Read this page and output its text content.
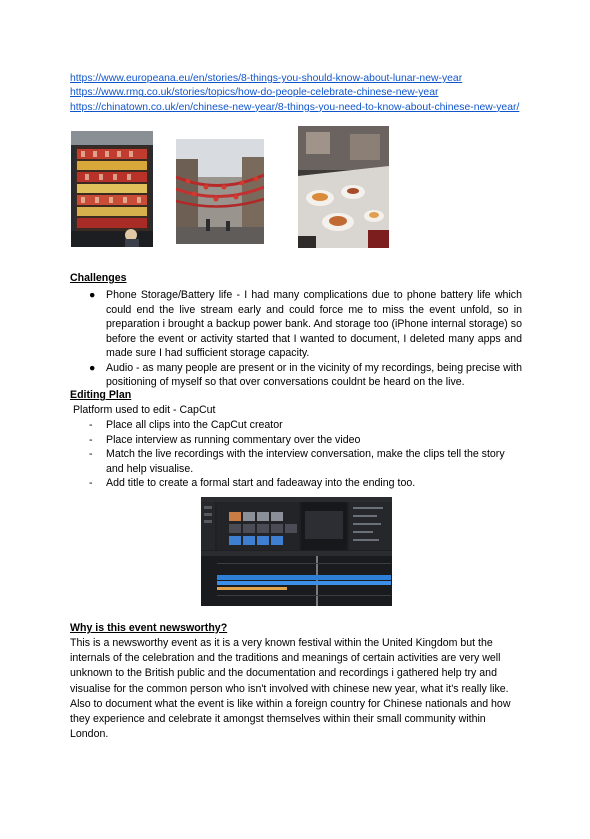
https://www.europeana.eu/en/stories/8-things-you-should-know-about-lunar-new-year
https://www.rmg.co.uk/stories/topics/how-do-people-celebrate-chinese-new-year
https://chinatown.co.uk/en/chinese-new-year/8-things-you-need-to-know-about-chinese-new-year/
Challenges
● Phone Storage/Battery life - I had many complications due to phone battery life which could end the live stream early and could force me to miss the event unfold, so in preparation i brought a backup power bank. And storage too (iPhone internal storage) so before the event or activity started that I wanted to document, I deleted many apps and made sure I had sufficient storage capacity.
● Audio - as many people are present or in the vicinity of my recordings, being precise with positioning of myself so that over conversations couldnt be heard on the live.
Editing Plan
Platform used to edit - CapCut
- Place all clips into the CapCut creator
- Place interview as running commentary over the video
- Match the live recordings with the interview conversation, make the clips tell the story and help visualise.
- Add title to create a formal start and fadeaway into the ending too.
Why is this event newsworthy?
This is a newsworthy event as it is a very known festival within the United Kingdom but the internals of the celebration and the traditions and meanings of certain activities are very well unknown to the British public and the documentation and recordings i gathered help try and visualise for the common person who isn't involved with chinese new year, what it's really like. Also to document what the event is like within a foreign country for Chinese nationals and how they experience and celebrate it amongst themselves within their small community within London.
